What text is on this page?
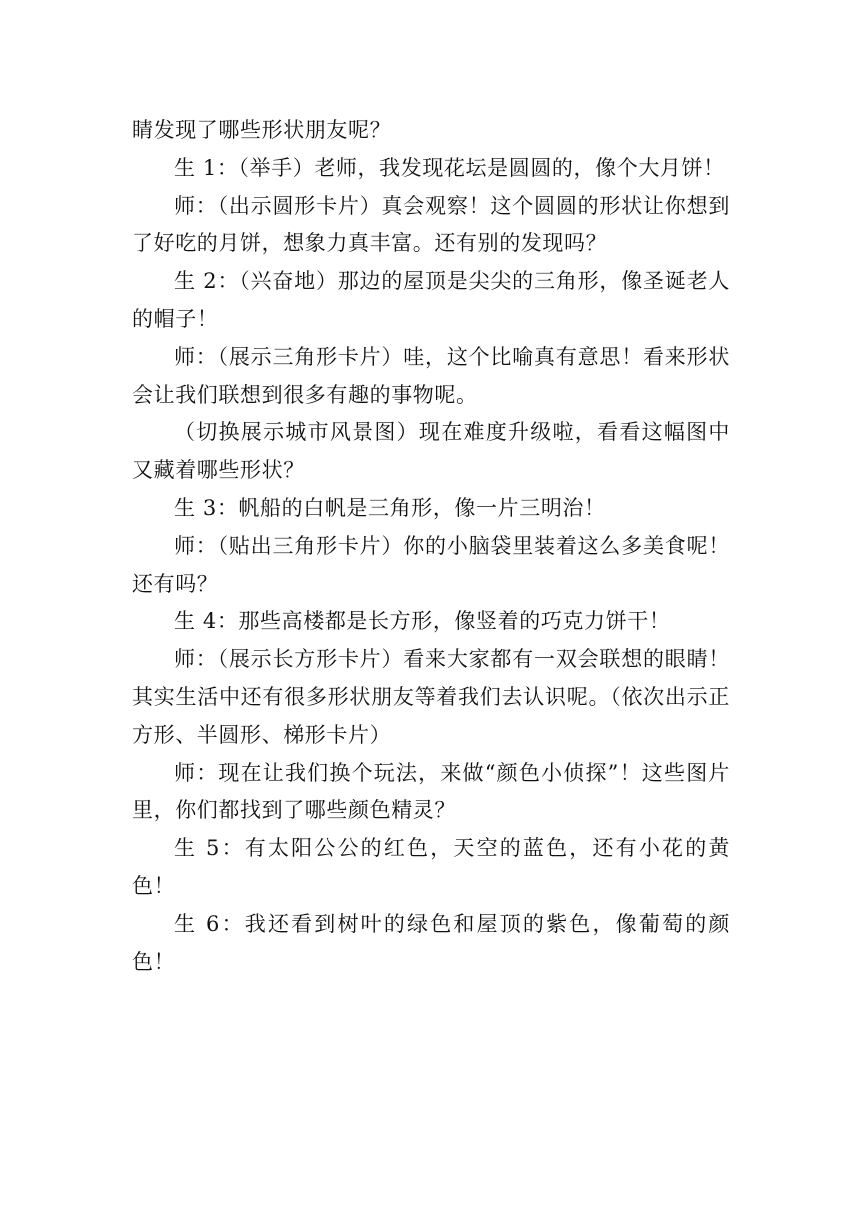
睛发现了哪些形状朋友呢？

生 1：（举手）老师，我发现花坛是圆圆的，像个大月饼！

师：（出示圆形卡片）真会观察！这个圆圆的形状让你想到了好吃的月饼，想象力真丰富。还有别的发现吗？

生 2：（兴奋地）那边的屋顶是尖尖的三角形，像圣诞老人的帽子！

师：（展示三角形卡片）哇，这个比喻真有意思！看来形状会让我们联想到很多有趣的事物呢。

（切换展示城市风景图）现在难度升级啦，看看这幅图中又藏着哪些形状？

生 3：帆船的白帆是三角形，像一片三明治！

师：（贴出三角形卡片）你的小脑袋里装着这么多美食呢！还有吗？

生 4：那些高楼都是长方形，像竖着的巧克力饼干！

师：（展示长方形卡片）看来大家都有一双会联想的眼睛！其实生活中还有很多形状朋友等着我们去认识呢。（依次出示正方形、半圆形、梯形卡片）

师：现在让我们换个玩法，来做“颜色小侦探”！这些图片里，你们都找到了哪些颜色精灵？

生 5：有太阳公公的红色，天空的蓝色，还有小花的黄色！

生 6：我还看到树叶的绿色和屋顶的紫色，像葡萄的颜色！
